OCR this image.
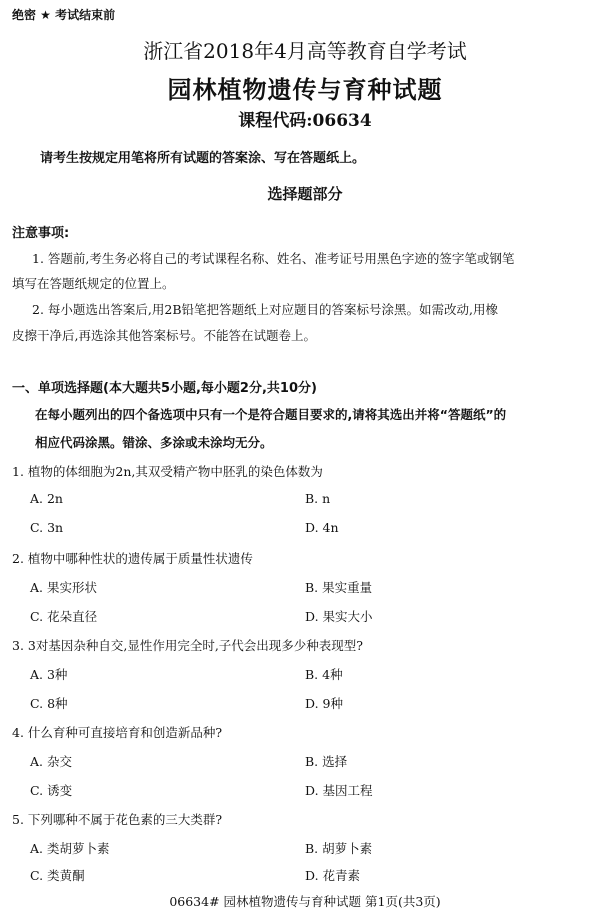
绝密 ★ 考试结束前
浙江省2018年4月高等教育自学考试
园林植物遗传与育种试题
课程代码:06634
请考生按规定用笔将所有试题的答案涂、写在答题纸上。
选择题部分
注意事项:
1. 答题前,考生务必将自己的考试课程名称、姓名、准考证号用黑色字迹的签字笔或钢笔
填写在答题纸规定的位置上。
2. 每小题选出答案后,用2B铅笔把答题纸上对应题目的答案标号涂黑。如需改动,用橡
皮擦干净后,再选涂其他答案标号。不能答在试题卷上。
一、单项选择题(本大题共5小题,每小题2分,共10分)
在每小题列出的四个备选项中只有一个是符合题目要求的,请将其选出并将“答题纸”的
相应代码涂黑。错涂、多涂或未涂均无分。
1. 植物的体细胞为2n,其双受精产物中胚乳的染色体数为
A. 2n	B. n
C. 3n	D. 4n
2. 植物中哪种性状的遗传属于质量性状遗传
A. 果实形状	B. 果实重量
C. 花朵直径	D. 果实大小
3. 3对基因杂种自交,显性作用完全时,子代会出现多少种表现型?
A. 3种	B. 4种
C. 8种	D. 9种
4. 什么育种可直接培育和创造新品种?
A. 杂交	B. 选择
C. 诱变	D. 基因工程
5. 下列哪种不属于花色素的三大类群?
A. 类胡萝卜素	B. 胡萝卜素
C. 类黄酮	D. 花青素
06634# 园林植物遗传与育种试题 第1页(共3页)
